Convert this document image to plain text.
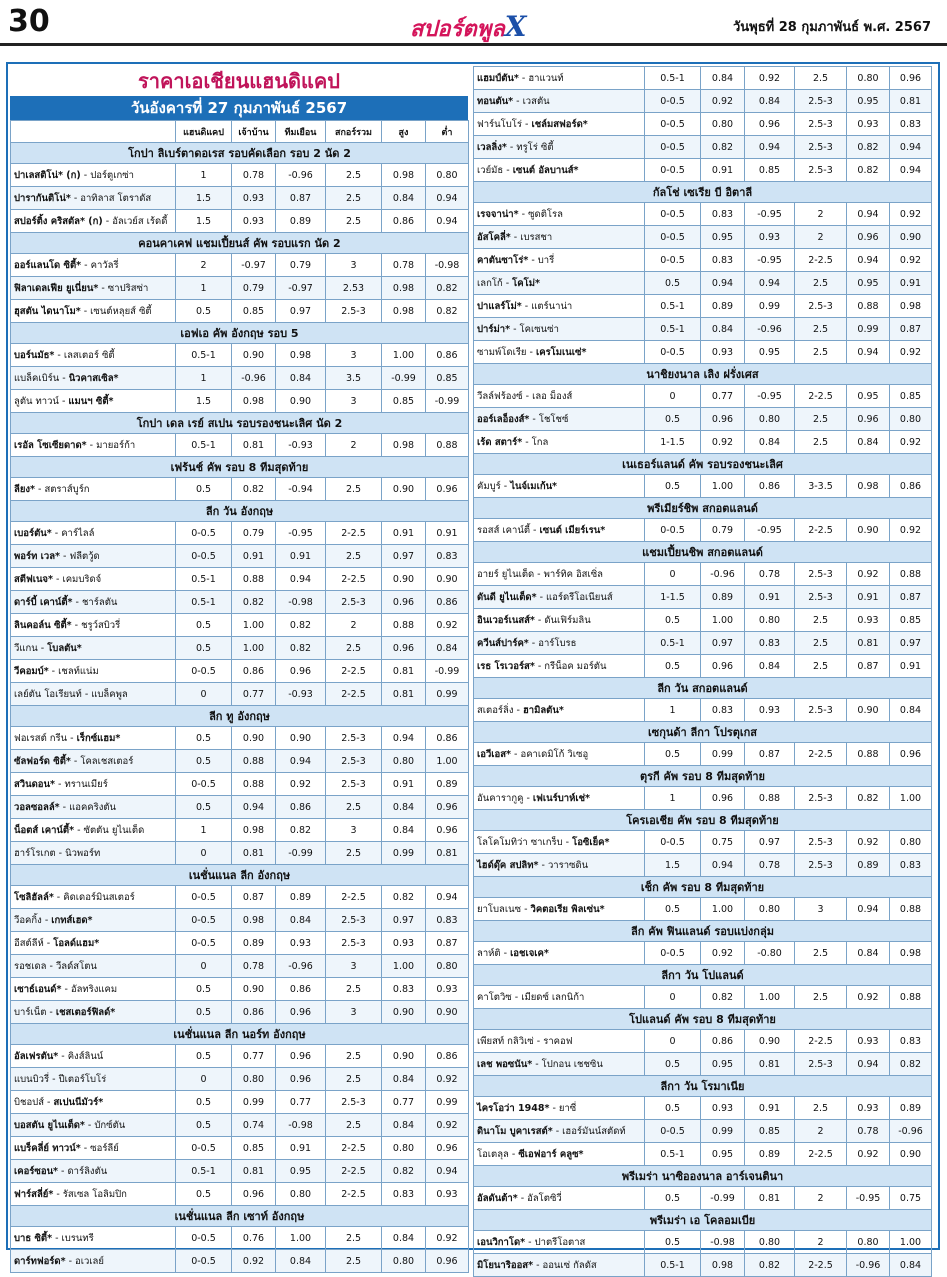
30	สปอร์ตพูลX	วันพุธที่ 28 กุมภาพันธ์ พ.ศ. 2567
ราคาเอเชียนแฮนดิแคป
วันอังคารที่ 27 กุมภาพันธ์ 2567
	แฮนดิแคป	เจ้าบ้าน	ทีมเยือน	สกอร์รวม	สูง	ต่ำ
โกปา ลิเบร์ตาดอเรส รอบคัดเลือก รอบ 2 นัด 2						
ปาเลสติโน่* (ก) - ปอร์ตูเกซ่า	1	0.78	-0.96	2.5	0.98	0.80
ปารากันติโน่* - อาทิลาส โตราดัส	1.5	0.93	0.87	2.5	0.84	0.94
สปอร์ติ้ง คริสตัล* (ก) - อัลเวย์ส เร้ดดี้	1.5	0.93	0.89	2.5	0.86	0.94
คอนคาเคฟ แชมเปี้ยนส์ คัพ รอบแรก นัด 2						
ออร์แลนโด ซิตี้* - คาวัลรี่	2	-0.97	0.79	3	0.78	-0.98
ฟิลาเดลเฟีย ยูเนี่ยน* - ซาปริสซ่า	1	0.79	-0.97	2.53	0.98	0.82
ฮุสตัน ไดนาโม* - เซนต์หลุยส์ ซิตี้	0.5	0.85	0.97	2.5-3	0.98	0.82
เอฟเอ คัพ อังกฤษ รอบ 5						
บอร์นมัธ* - เลสเตอร์ ซิตี้	0.5-1	0.90	0.98	3	1.00	0.86
แบล็คเบิร์น - นิวคาสเซิล*	1	-0.96	0.84	3.5	-0.99	0.85
ลูตัน ทาวน์ - แมนฯ ซิตี้*	1.5	0.98	0.90	3	0.85	-0.99
โกปา เดล เรย์ สเปน รอบรองชนะเลิศ นัด 2						
เรอัล โซเซียดาด* - มายอร์ก้า	0.5-1	0.81	-0.93	2	0.98	0.88
เฟร้นช์ คัพ รอบ 8 ทีมสุดท้าย						
ลียง* - สตราส์บูร์ก	0.5	0.82	-0.94	2.5	0.90	0.96
ลีก วัน อังกฤษ						
เบอร์ตัน* - คาร์ไลล์	0-0.5	0.79	-0.95	2-2.5	0.91	0.91
พอร์ท เวล* - ฟลีตวู้ด	0-0.5	0.91	0.91	2.5	0.97	0.83
สตีฟเนจ* - เคมบริดจ์	0.5-1	0.88	0.94	2-2.5	0.90	0.90
ดาร์บี้ เคาน์ตี้* - ชาร์ลตัน	0.5-1	0.82	-0.98	2.5-3	0.96	0.86
ลินคอล์น ซิตี้* - ชรูว์สบิวรี่	0.5	1.00	0.82	2	0.88	0.92
วีแกน - โบลตัน*	0.5	1.00	0.82	2.5	0.96	0.84
วีคอมบ์* - เชลท์แน่ม	0-0.5	0.86	0.96	2-2.5	0.81	-0.99
เลย์ตัน โอเรียนท์ - แบล็คพูล	0	0.77	-0.93	2-2.5	0.81	0.99
ลีก ทู อังกฤษ						
ฟอเรสต์ กรีน - เร็กซ์แฮม*	0.5	0.90	0.90	2.5-3	0.94	0.86
ซัลฟอร์ด ซิตี้* - โคลเชสเตอร์	0.5	0.88	0.94	2.5-3	0.80	1.00
สวินดอน* - ทรานเมียร์	0-0.5	0.88	0.92	2.5-3	0.91	0.89
วอลซอลล์* - แอคคริงตัน	0.5	0.94	0.86	2.5	0.84	0.96
น็อตส์ เคาน์ตี้* - ซัตตัน ยูไนเต็ด	1	0.98	0.82	3	0.84	0.96
ฮาร์โรเกต - นิวพอร์ท	0	0.81	-0.99	2.5	0.99	0.81
เนชั่นแนล ลีก อังกฤษ						
โซลิฮัลล์* - คิดเดอร์มินสเตอร์	0-0.5	0.87	0.89	2-2.5	0.82	0.94
วีอคกิ้ง - เกทส์เฮด*	0-0.5	0.98	0.84	2.5-3	0.97	0.83
อีสต์ลีห์ - โอลด์แฮม*	0-0.5	0.89	0.93	2.5-3	0.93	0.87
รอชเดล - วีลด์สโตน	0	0.78	-0.96	3	1.00	0.80
เซาธ์เอนด์* - อัลทริงแคม	0.5	0.90	0.86	2.5	0.83	0.93
บาร์เน็ต - เชสเตอร์ฟิลด์*	0.5	0.86	0.96	3	0.90	0.90
เนชั่นแนล ลีก นอร์ท อังกฤษ						
อัลเฟรตัน* - คิงส์ลินน์	0.5	0.77	0.96	2.5	0.90	0.86
แบนบิวรี่ - ปีเตอร์โบโร่	0	0.80	0.96	2.5	0.84	0.92
บิชอปส์ - สเปนนีมัวร์*	0.5	0.99	0.77	2.5-3	0.77	0.99
บอสตัน ยูไนเต็ด* - บักซ์ตัน	0.5	0.74	-0.98	2.5	0.84	0.92
แบร็คลี่ย์ ทาวน์* - ซอร์ลีย์	0-0.5	0.85	0.91	2-2.5	0.80	0.96
เคอร์ซอน* - ดาร์ลิงตัน	0.5-1	0.81	0.95	2-2.5	0.82	0.94
ฟาร์สลี่ย์* - รัสเซล โอลิมปิก	0.5	0.96	0.80	2-2.5	0.83	0.93
เนชั่นแนล ลีก เซาท์ อังกฤษ						
บาธ ซิตี้* - เบรนทรี	0-0.5	0.76	1.00	2.5	0.84	0.92
ดาร์ทฟอร์ด* - อเวเลย์	0-0.5	0.92	0.84	2.5	0.80	0.96
แฮมป์ตัน* - ฮาแวนท์	0.5-1	0.84	0.92	2.5	0.80	0.96
ทอนตัน* - เวสตัน	0-0.5	0.92	0.84	2.5-3	0.95	0.81
ฟาร์นโบโร่ - เชล์มสฟอร์ด*	0-0.5	0.80	0.96	2.5-3	0.93	0.83
เวลลิ่ง* - ทรูโร่ ซิตี้	0-0.5	0.82	0.94	2.5-3	0.82	0.94
เวย์มัธ - เซนต์ อัลบานส์*	0-0.5	0.91	0.85	2.5-3	0.82	0.94
กัลโช่ เซเรีย บี อิตาลี						
เรจจาน่า* - ซูดติโรล	0-0.5	0.83	-0.95	2	0.94	0.92
อัสโคลี่* - เบรสชา	0-0.5	0.95	0.93	2	0.96	0.90
คาตันซาโร่* - บารี่	0-0.5	0.83	-0.95	2-2.5	0.94	0.92
เลกโก้ - โคโม่*	0.5	0.94	0.94	2.5	0.95	0.91
ปาแลร์โม่* - แตร์นาน่า	0.5-1	0.89	0.99	2.5-3	0.88	0.98
ปาร์ม่า* - โคเซนซ่า	0.5-1	0.84	-0.96	2.5	0.99	0.87
ซามพ์โดเรีย - เครโมเนเซ่*	0-0.5	0.93	0.95	2.5	0.94	0.92
นาชิยงนาล เลิง ฝรั่งเศส						
วีลล์ฟร้องซ์ - เลอ ม็องส์	0	0.77	-0.95	2-2.5	0.95	0.85
ออร์เลอ็องส์* - โชโชซ์	0.5	0.96	0.80	2.5	0.96	0.80
เร้ด สตาร์* - โกล	1-1.5	0.92	0.84	2.5	0.84	0.92
เนเธอร์แลนด์ คัพ รอบรองชนะเลิศ						
คัมบูร์ - ไนจ์เมเก้น*	0.5	1.00	0.86	3-3.5	0.98	0.86
พรีเมียร์ชิพ สกอตแลนด์						
รอสส์ เคาน์ตี้ - เซนต์ เมียร์เรน*	0-0.5	0.79	-0.95	2-2.5	0.90	0.92
แชมเปี้ยนชิพ สกอตแลนด์						
อายร์ ยูไนเต็ด - พาร์ทิค อิสเซิ่ล	0	-0.96	0.78	2.5-3	0.92	0.88
ดันดี ยูไนเต็ด* - แอร์ดรีโอเนียนส์	1-1.5	0.89	0.91	2.5-3	0.91	0.87
อินเวอร์เนสส์* - ดันเฟิร์มลิน	0.5	1.00	0.80	2.5	0.93	0.85
ควีนส์ปาร์ค* - อาร์โบรธ	0.5-1	0.97	0.83	2.5	0.81	0.97
เรธ โรเวอร์ส* - กรีน็อค มอร์ตัน	0.5	0.96	0.84	2.5	0.87	0.91
ลีก วัน สกอตแลนด์						
สเตอร์ลิ่ง - ฮามิลตัน*	1	0.83	0.93	2.5-3	0.90	0.84
เซกุนด้า ลีกา โปรตุเกส						
เอวีเอส* - อคาเดมิโก้ วิเซอู	0.5	0.99	0.87	2-2.5	0.88	0.96
ตุรกี คัพ รอบ 8 ทีมสุดท้าย						
อันคารากูคู - เฟเนร์บาห์เช่*	1	0.96	0.88	2.5-3	0.82	1.00
โครเอเชีย คัพ รอบ 8 ทีมสุดท้าย						
โลโคโมทิว่า ซาเกร็บ - โอซิเย็ค*	0-0.5	0.75	0.97	2.5-3	0.92	0.80
ไฮด์ดุ๊ค สปลิท* - วาราซดิน	1.5	0.94	0.78	2.5-3	0.89	0.83
เช็ก คัพ รอบ 8 ทีมสุดท้าย						
ยาโบลเนซ - วิคตอเรีย พิลเซ่น*	0.5	1.00	0.80	3	0.94	0.88
ลีก คัพ ฟินแลนด์ รอบแบ่งกลุ่ม						
ลาห์ติ - เอชเจเค*	0-0.5	0.92	-0.80	2.5	0.84	0.98
ลีกา วัน โปแลนด์						
คาโตวิซ - เมียดซ์ เลกนิก้า	0	0.82	1.00	2.5	0.92	0.88
โปแลนด์ คัพ รอบ 8 ทีมสุดท้าย						
เพียสท์ กลิวิเซ่ - ราคอฟ	0	0.86	0.90	2-2.5	0.93	0.83
เลช พอซนัน* - โปกอน เชชซิน	0.5	0.95	0.81	2.5-3	0.94	0.82
ลีกา วัน โรมาเนีย						
ไครโอว่า 1948* - ยาซี่	0.5	0.93	0.91	2.5	0.93	0.89
ดินาโม บูคาเรสต์* - เฮอร์มันน์สตัดท์	0-0.5	0.99	0.85	2	0.78	-0.96
โอเตลุล - ซีเอฟอาร์ คลูซ*	0.5-1	0.95	0.89	2-2.5	0.92	0.90
พรีเมร่า นาซิอองนาล อาร์เจนตินา						
อัลดันต้า* - อัลโตซิวี่	0.5	-0.99	0.81	2	-0.95	0.75
พรีเมร่า เอ โคลอมเบีย						
เอนวิกาโด* - ปาตรีโอตาส	0.5	-0.98	0.80	2	0.80	1.00
มิโยนาริออส* - ออนเซ่ กัลดัส	0.5-1	0.98	0.82	2-2.5	-0.96	0.84
